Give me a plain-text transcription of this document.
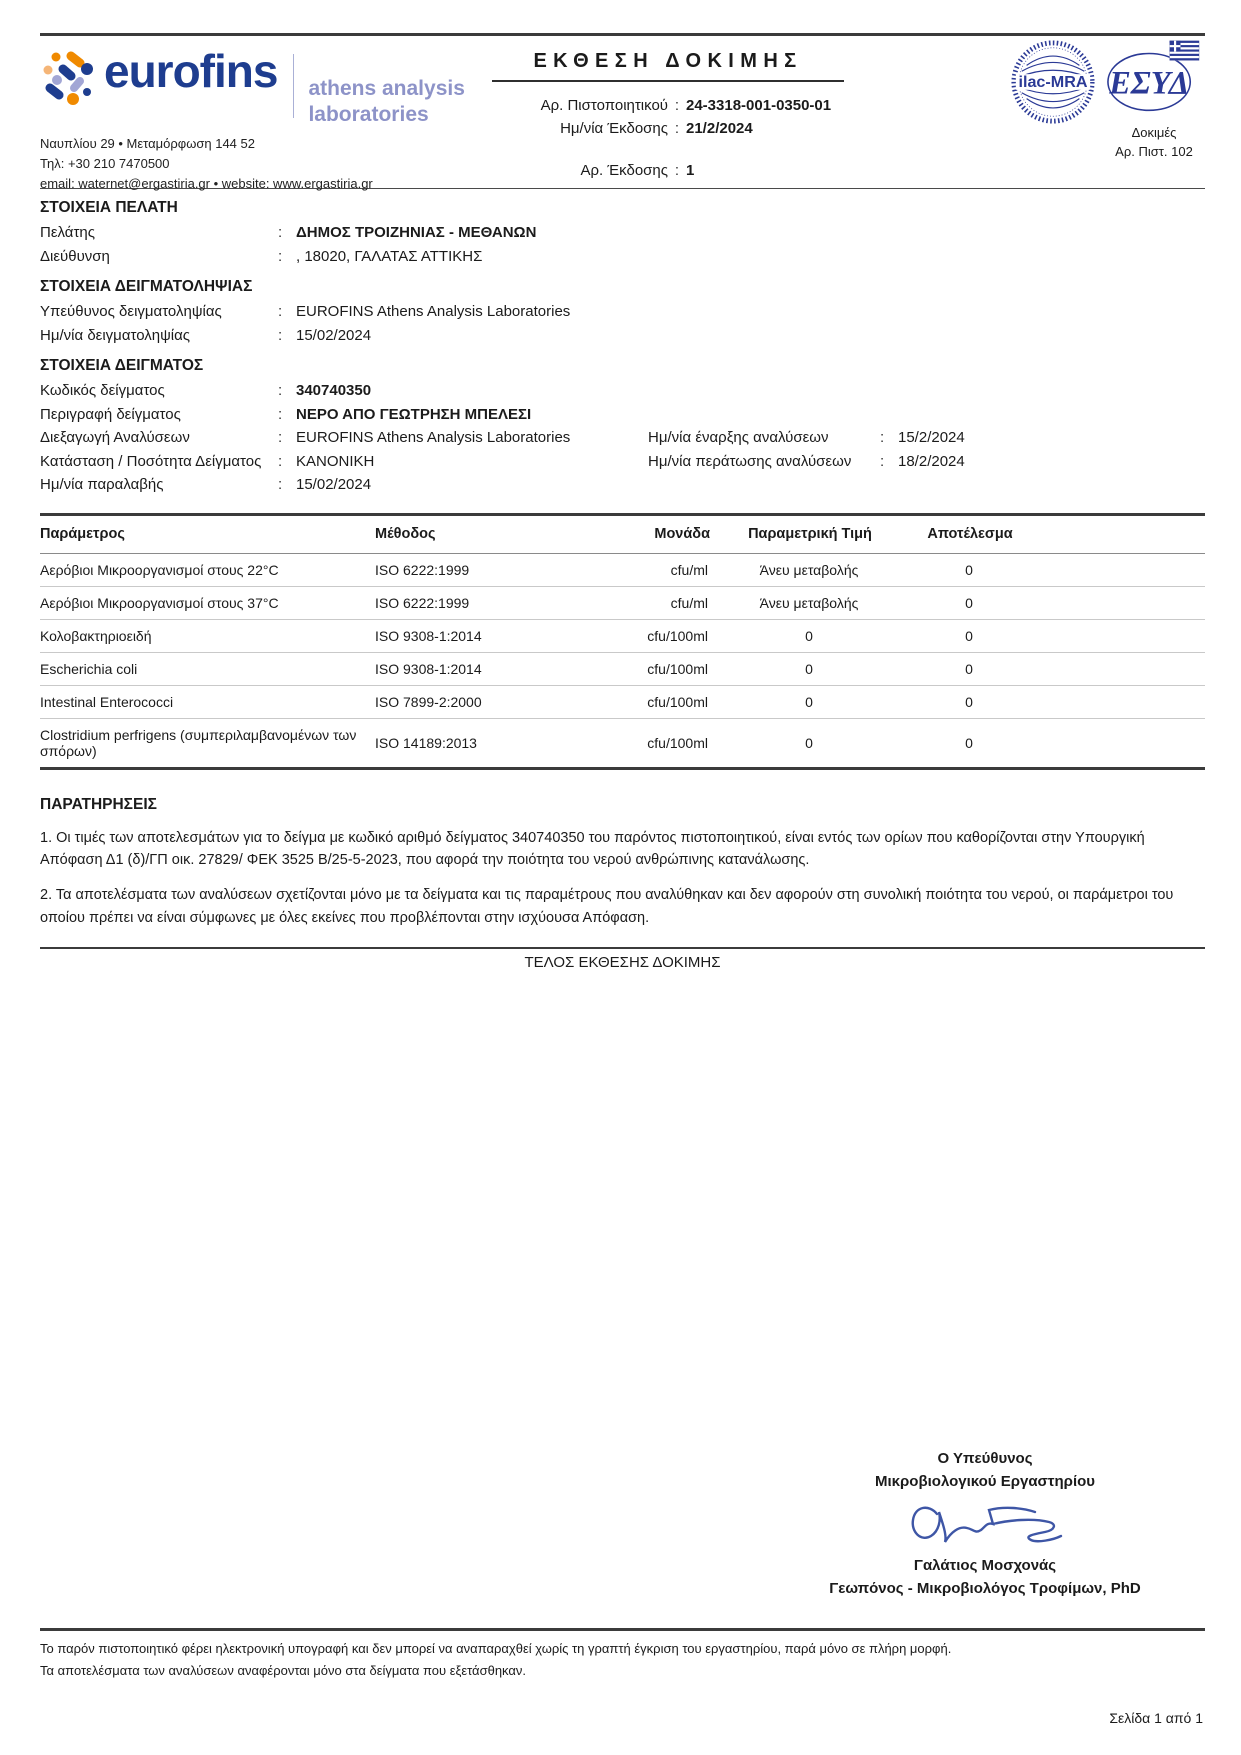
eurofins athens analysis
laboratories
Ναυπλίου 29 • Μεταμόρφωση 144 52
Τηλ: +30 210 7470500
email: waternet@ergastiria.gr • website: www.ergastiria.gr
ΕΚΘΕΣΗ ΔΟΚΙΜΗΣ
Αρ. Πιστοποιητικού : 24-3318-001-0350-01
Ημ/νία Έκδοσης : 21/2/2024
Αρ. Έκδοσης : 1
ilac-MRA ΕΣΥΔ
Δοκιμές
Αρ. Πιστ. 102
ΣΤΟΙΧΕΙΑ ΠΕΛΑΤΗ
Πελάτης	: ΔΗΜΟΣ ΤΡΟΙΖΗΝΙΑΣ - ΜΕΘΑΝΩΝ
Διεύθυνση	: , 18020, ΓΑΛΑΤΑΣ ΑΤΤΙΚΗΣ
ΣΤΟΙΧΕΙΑ ΔΕΙΓΜΑΤΟΛΗΨΙΑΣ
Υπεύθυνος δειγματοληψίας	: EUROFINS Athens Analysis Laboratories
Ημ/νία δειγματοληψίας	: 15/02/2024
ΣΤΟΙΧΕΙΑ ΔΕΙΓΜΑΤΟΣ
Κωδικός δείγματος	: 340740350
Περιγραφή δείγματος	: ΝΕΡΟ ΑΠΟ ΓΕΩΤΡΗΣΗ ΜΠΕΛΕΣΙ
Διεξαγωγή Αναλύσεων	: EUROFINS Athens Analysis Laboratories	Ημ/νία έναρξης αναλύσεων	: 15/2/2024
Κατάσταση / Ποσότητα Δείγματος	: ΚΑΝΟΝΙΚΗ	Ημ/νία περάτωσης αναλύσεων	: 18/2/2024
Ημ/νία παραλαβής	: 15/02/2024
Παράμετρος	Μέθοδος	Μονάδα	Παραμετρική Τιμή	Αποτέλεσμα	
Αερόβιοι Μικροοργανισμοί στους 22°C	ISO 6222:1999	cfu/ml	Άνευ μεταβολής	0	
Αερόβιοι Μικροοργανισμοί στους 37°C	ISO 6222:1999	cfu/ml	Άνευ μεταβολής	0	
Κολοβακτηριοειδή	ISO 9308-1:2014	cfu/100ml	0	0	
Escherichia coli	ISO 9308-1:2014	cfu/100ml	0	0	
Intestinal Enterococci	ISO 7899-2:2000	cfu/100ml	0	0	
Clostridium perfrigens (συμπεριλαμβανομένων των σπόρων)	ISO 14189:2013	cfu/100ml	0	0	
ΠΑΡΑΤΗΡΗΣΕΙΣ

1. Οι τιμές των αποτελεσμάτων για το δείγμα με κωδικό αριθμό δείγματος 340740350 του παρόντος πιστοποιητικού, είναι εντός των ορίων που καθορίζονται στην Υπουργική Απόφαση Δ1 (δ)/ΓΠ οικ. 27829/ ΦΕΚ 3525 Β/25-5-2023, που αφορά την ποιότητα του νερού ανθρώπινης κατανάλωσης.

2. Τα αποτελέσματα των αναλύσεων σχετίζονται μόνο με τα δείγματα και τις παραμέτρους που αναλύθηκαν και δεν αφορούν στη συνολική ποιότητα του νερού, οι παράμετροι του οποίου πρέπει να είναι σύμφωνες με όλες εκείνες που προβλέπονται στην ισχύουσα Απόφαση.

ΤΕΛΟΣ ΕΚΘΕΣΗΣ ΔΟΚΙΜΗΣ
Ο Υπεύθυνος
Μικροβιολογικού Εργαστηρίου
Γαλάτιος Μοσχονάς
Γεωπόνος - Μικροβιολόγος Τροφίμων, PhD
Το παρόν πιστοποιητικό φέρει ηλεκτρονική υπογραφή και δεν μπορεί να αναπαραχθεί χωρίς τη γραπτή έγκριση του εργαστηρίου, παρά μόνο σε πλήρη μορφή.
Τα αποτελέσματα των αναλύσεων αναφέρονται μόνο στα δείγματα που εξετάσθηκαν.
Σελίδα 1 από 1
